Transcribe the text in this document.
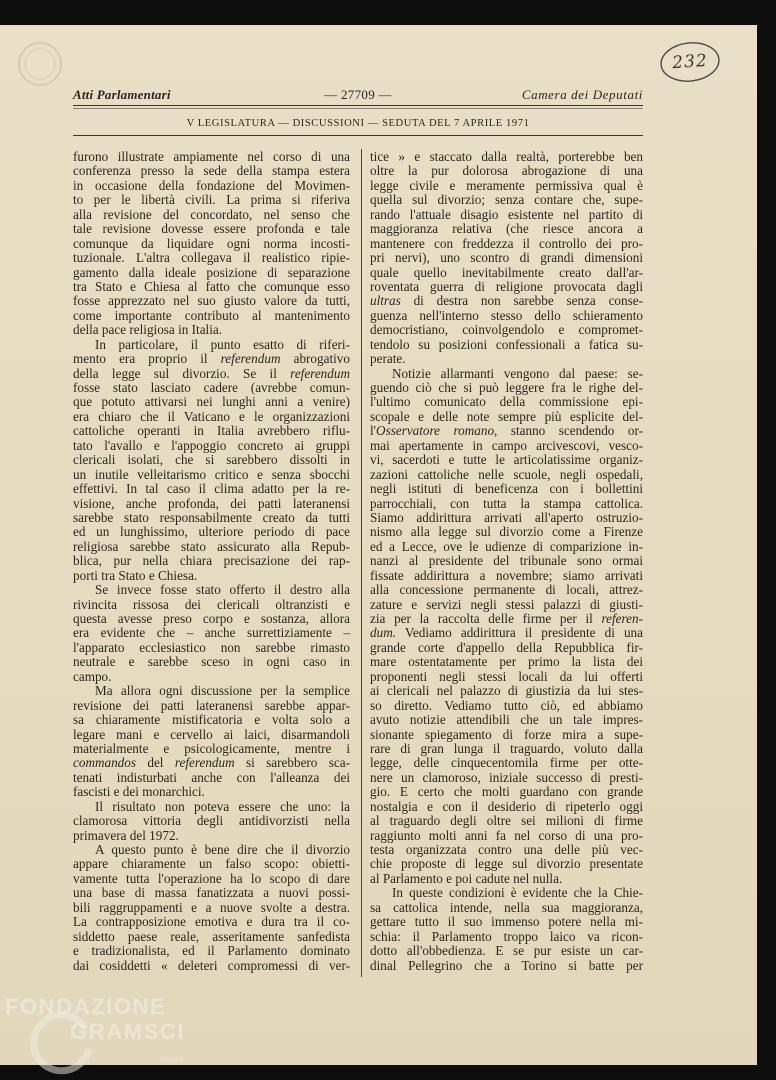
232
Atti Parlamentari	— 27709 —	Camera dei Deputati
V LEGISLATURA — DISCUSSIONI — SEDUTA DEL 7 APRILE 1971
furono illustrate ampiamente nel corso di una
conferenza presso la sede della stampa estera
in occasione della fondazione del Movimen-
to per le libertà civili. La prima si riferiva
alla revisione del concordato, nel senso che
tale revisione dovesse essere profonda e tale
comunque da liquidare ogni norma incosti-
tuzionale. L'altra collegava il realistico ripie-
gamento dalla ideale posizione di separazione
tra Stato e Chiesa al fatto che comunque esso
fosse apprezzato nel suo giusto valore da tutti,
come importante contributo al mantenimento
della pace religiosa in Italia.
In particolare, il punto esatto di riferi-
mento era proprio il referendum abrogativo
della legge sul divorzio. Se il referendum
fosse stato lasciato cadere (avrebbe comun-
que potuto attivarsi nei lunghi anni a venire)
era chiaro che il Vaticano e le organizzazioni
cattoliche operanti in Italia avrebbero riflu-
tato l'avallo e l'appoggio concreto ai gruppi
clericali isolati, che si sarebbero dissolti in
un inutile velleitarismo critico e senza sbocchi
effettivi. In tal caso il clima adatto per la re-
visione, anche profonda, dei patti lateranensi
sarebbe stato responsabilmente creato da tutti
ed un lunghissimo, ulteriore periodo di pace
religiosa sarebbe stato assicurato alla Repub-
blica, pur nella chiara precisazione dei rap-
porti tra Stato e Chiesa.
Se invece fosse stato offerto il destro alla
rivincita rissosa dei clericali oltranzisti e
questa avesse preso corpo e sostanza, allora
era evidente che – anche surrettiziamente –
l'apparato ecclesiastico non sarebbe rimasto
neutrale e sarebbe sceso in ogni caso in
campo.
Ma allora ogni discussione per la semplice
revisione dei patti lateranensi sarebbe appar-
sa chiaramente mistificatoria e volta solo a
legare mani e cervello ai laici, disarmandoli
materialmente e psicologicamente, mentre i
commandos del referendum si sarebbero sca-
tenati indisturbati anche con l'alleanza dei
fascisti e dei monarchici.
Il risultato non poteva essere che uno: la
clamorosa vittoria degli antidivorzisti nella
primavera del 1972.
A questo punto è bene dire che il divorzio
appare chiaramente un falso scopo: obietti-
vamente tutta l'operazione ha lo scopo di dare
una base di massa fanatizzata a nuovi possi-
bili raggruppamenti e a nuove svolte a destra.
La contrapposizione emotiva e dura tra il co-
siddetto paese reale, asseritamente sanfedista
e tradizionalista, ed il Parlamento dominato
dai cosiddetti « deleteri compromessi di ver-
tice » e staccato dalla realtà, porterebbe ben
oltre la pur dolorosa abrogazione di una
legge civile e meramente permissiva qual è
quella sul divorzio; senza contare che, supe-
rando l'attuale disagio esistente nel partito di
maggioranza relativa (che riesce ancora a
mantenere con freddezza il controllo dei pro-
pri nervi), uno scontro di grandi dimensioni
quale quello inevitabilmente creato dall'ar-
roventata guerra di religione provocata dagli
ultras di destra non sarebbe senza conse-
guenza nell'interno stesso dello schieramento
democristiano, coinvolgendolo e compromet-
tendolo su posizioni confessionali a fatica su-
perate.
Notizie allarmanti vengono dal paese: se-
guendo ciò che si può leggere fra le righe del-
l'ultimo comunicato della commissione epi-
scopale e delle note sempre più esplicite del-
l'Osservatore romano, stanno scendendo or-
mai apertamente in campo arcivescovi, vesco-
vi, sacerdoti e tutte le articolatissime organiz-
zazioni cattoliche nelle scuole, negli ospedali,
negli istituti di beneficenza con i bollettini
parrocchiali, con tutta la stampa cattolica.
Siamo addirittura arrivati all'aperto ostruzio-
nismo alla legge sul divorzio come a Firenze
ed a Lecce, ove le udienze di comparizione in-
nanzi al presidente del tribunale sono ormai
fissate addirittura a novembre; siamo arrivati
alla concessione permanente di locali, attrez-
zature e servizi negli stessi palazzi di giusti-
zia per la raccolta delle firme per il referen-
dum. Vediamo addirittura il presidente di una
grande corte d'appello della Repubblica fir-
mare ostentatamente per primo la lista dei
proponenti negli stessi locali da lui offerti
ai clericali nel palazzo di giustizia da lui stes-
so diretto. Vediamo tutto ciò, ed abbiamo
avuto notizie attendibili che un tale impres-
sionante spiegamento di forze mira a supe-
rare di gran lunga il traguardo, voluto dalla
legge, delle cinquecentomila firme per otte-
nere un clamoroso, iniziale successo di presti-
gio. E certo che molti guardano con grande
nostalgia e con il desiderio di ripeterlo oggi
al traguardo degli oltre sei milioni di firme
raggiunto molti anni fa nel corso di una pro-
testa organizzata contro una delle più vec-
chie proposte di legge sul divorzio presentate
al Parlamento e poi cadute nel nulla.
In queste condizioni è evidente che la Chie-
sa cattolica intende, nella sua maggioranza,
gettare tutto il suo immenso potere nella mi-
schia: il Parlamento troppo laico va ricon-
dotto all'obbedienza. E se pur esiste un car-
dinal Pellegrino che a Torino si batte per
FONDAZIONE
GRAMSCI
onlus
